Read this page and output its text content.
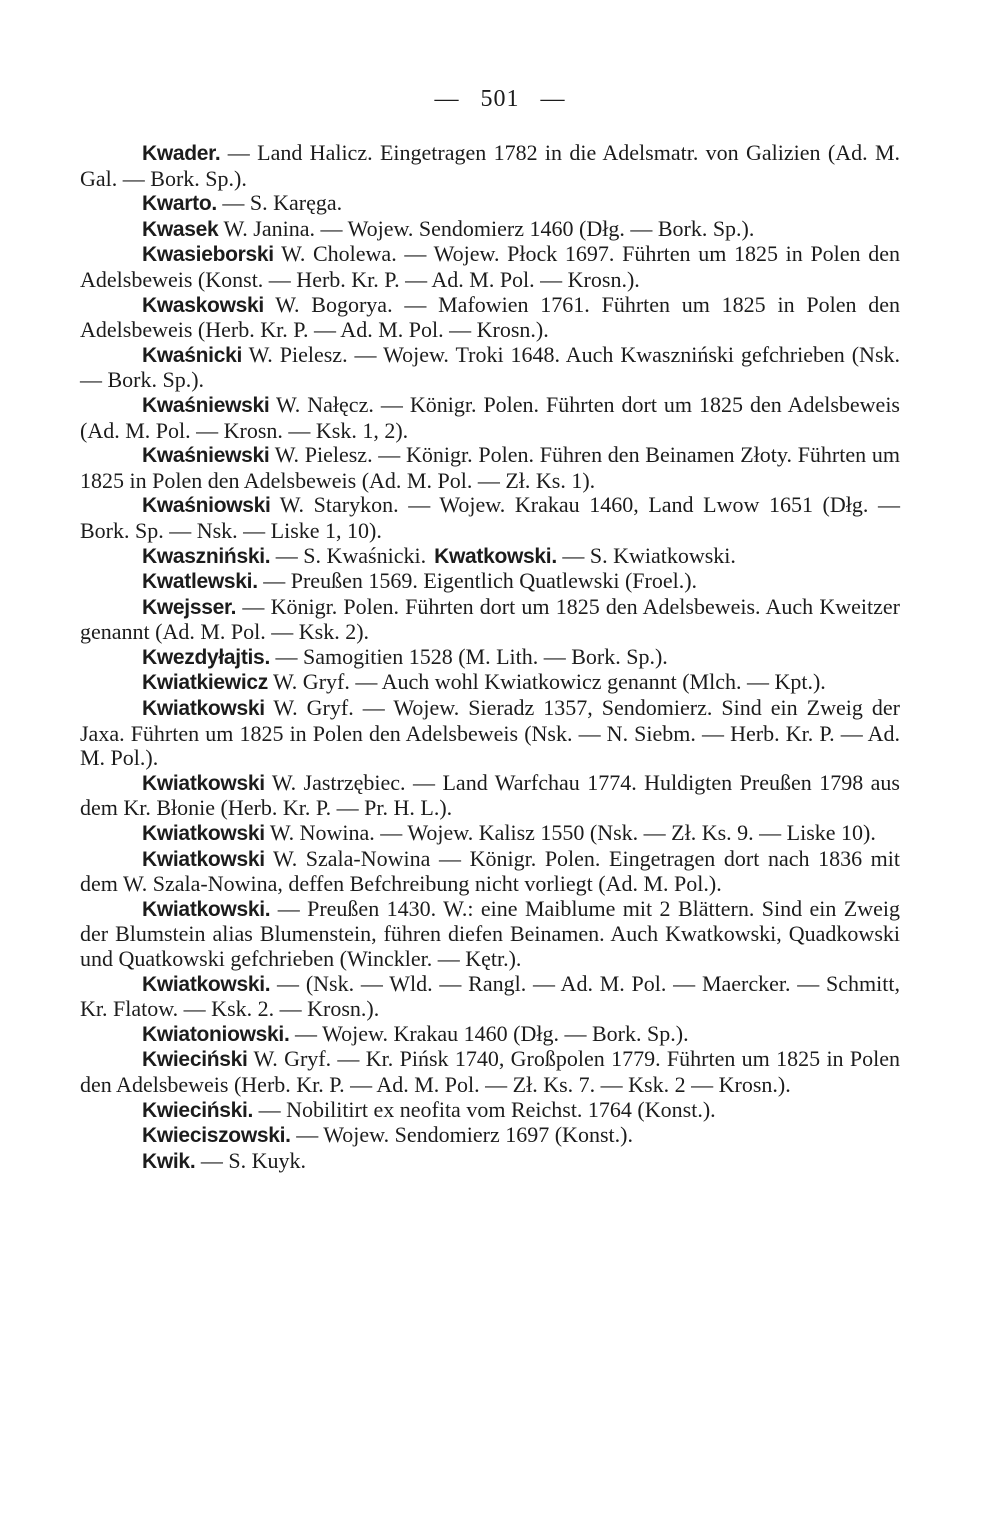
— 501 —

Kwader. — Land Halicz. Eingetragen 1782 in die Adelsmatr. von Galizien (Ad. M. Gal. — Bork. Sp.).

Kwarto. — S. Karęga.

Kwasek W. Janina. — Wojew. Sendomierz 1460 (Dłg. — Bork. Sp.).

Kwasieborski W. Cholewa. — Wojew. Płock 1697. Führten um 1825 in Polen den Adelsbeweis (Konst. — Herb. Kr. P. — Ad. M. Pol. — Krosn.).

Kwaskowski W. Bogorya. — Mafowien 1761. Führten um 1825 in Polen den Adelsbeweis (Herb. Kr. P. — Ad. M. Pol. — Krosn.).

Kwaśnicki W. Pielesz. — Wojew. Troki 1648. Auch Kwaszniński gefchrieben (Nsk. — Bork. Sp.).

Kwaśniewski W. Nałęcz. — Königr. Polen. Führten dort um 1825 den Adelsbeweis (Ad. M. Pol. — Krosn. — Ksk. 1, 2).

Kwaśniewski W. Pielesz. — Königr. Polen. Führen den Beinamen Złoty. Führten um 1825 in Polen den Adelsbeweis (Ad. M. Pol. — Zł. Ks. 1).

Kwaśniowski W. Starykon. — Wojew. Krakau 1460, Land Lwow 1651 (Dłg. — Bork. Sp. — Nsk. — Liske 1, 10).

Kwaszniński. — S. Kwaśnicki. Kwatkowski. — S. Kwiatkowski.

Kwatlewski. — Preußen 1569. Eigentlich Quatlewski (Froel.).

Kwejsser. — Königr. Polen. Führten dort um 1825 den Adelsbeweis. Auch Kweitzer genannt (Ad. M. Pol. — Ksk. 2).

Kwezdyłajtis. — Samogitien 1528 (M. Lith. — Bork. Sp.).

Kwiatkiewicz W. Gryf. — Auch wohl Kwiatkowicz genannt (Mlch. — Kpt.).

Kwiatkowski W. Gryf. — Wojew. Sieradz 1357, Sendomierz. Sind ein Zweig der Jaxa. Führten um 1825 in Polen den Adelsbeweis (Nsk. — N. Siebm. — Herb. Kr. P. — Ad. M. Pol.).

Kwiatkowski W. Jastrzębiec. — Land Warfchau 1774. Huldigten Preußen 1798 aus dem Kr. Błonie (Herb. Kr. P. — Pr. H. L.).

Kwiatkowski W. Nowina. — Wojew. Kalisz 1550 (Nsk. — Zł. Ks. 9. — Liske 10).

Kwiatkowski W. Szala-Nowina — Königr. Polen. Eingetragen dort nach 1836 mit dem W. Szala-Nowina, deffen Befchreibung nicht vorliegt (Ad. M. Pol.).

Kwiatkowski. — Preußen 1430. W.: eine Maiblume mit 2 Blättern. Sind ein Zweig der Blumstein alias Blumenstein, führen diefen Beinamen. Auch Kwatkowski, Quadkowski und Quatkowski gefchrieben (Winckler. — Kętr.).

Kwiatkowski. — (Nsk. — Wld. — Rangl. — Ad. M. Pol. — Maercker. — Schmitt, Kr. Flatow. — Ksk. 2. — Krosn.).

Kwiatoniowski. — Wojew. Krakau 1460 (Dłg. — Bork. Sp.).

Kwieciński W. Gryf. — Kr. Pińsk 1740, Großpolen 1779. Führten um 1825 in Polen den Adelsbeweis (Herb. Kr. P. — Ad. M. Pol. — Zł. Ks. 7. — Ksk. 2 — Krosn.).

Kwieciński. — Nobilitirt ex neofita vom Reichst. 1764 (Konst.).

Kwieciszowski. — Wojew. Sendomierz 1697 (Konst.).

Kwik. — S. Kuyk.
